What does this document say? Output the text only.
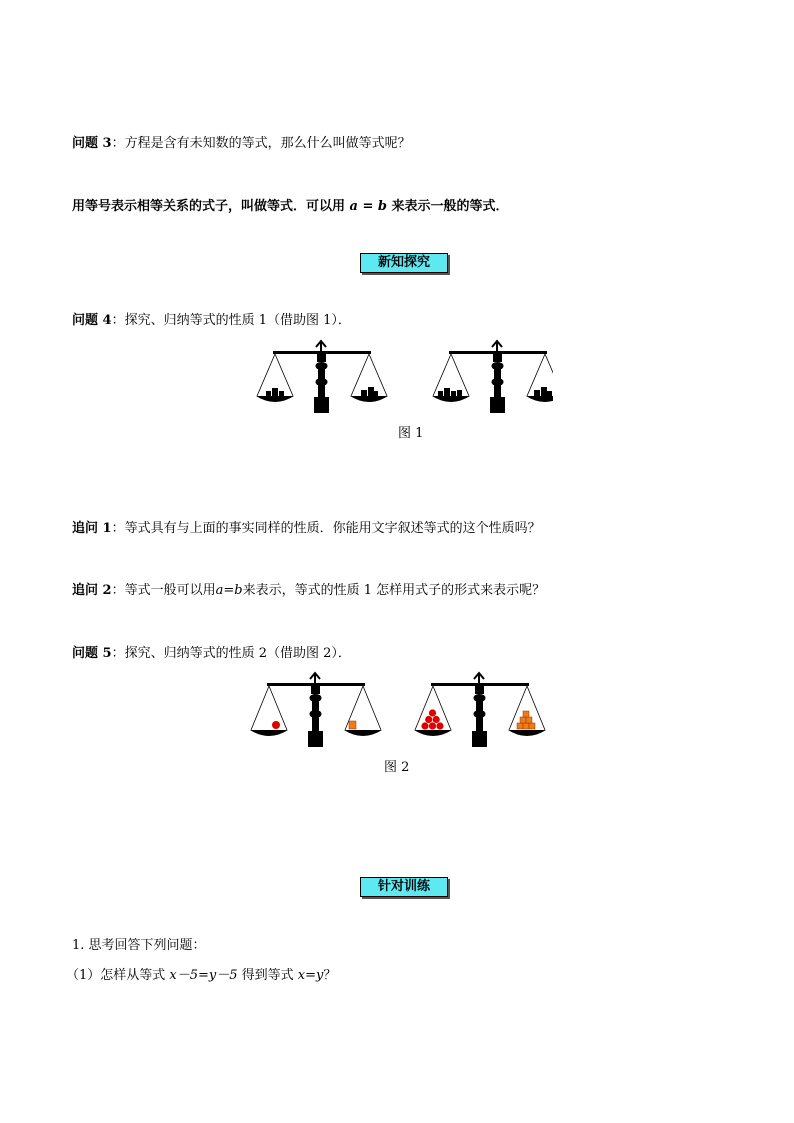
问题 3：方程是含有未知数的等式，那么什么叫做等式呢？
用等号表示相等关系的式子，叫做等式．可以用 a = b 来表示一般的等式．
新知探究
问题 4：探究、归纳等式的性质 1（借助图 1）．
图 1
追问 1：等式具有与上面的事实同样的性质．你能用文字叙述等式的这个性质吗？
追问 2：等式一般可以用a=b来表示，等式的性质 1 怎样用式子的形式来表示呢？
问题 5：探究、归纳等式的性质 2（借助图 2）．
图 2
针对训练
1. 思考回答下列问题：
（1）怎样从等式 x－5=y－5 得到等式 x=y？
